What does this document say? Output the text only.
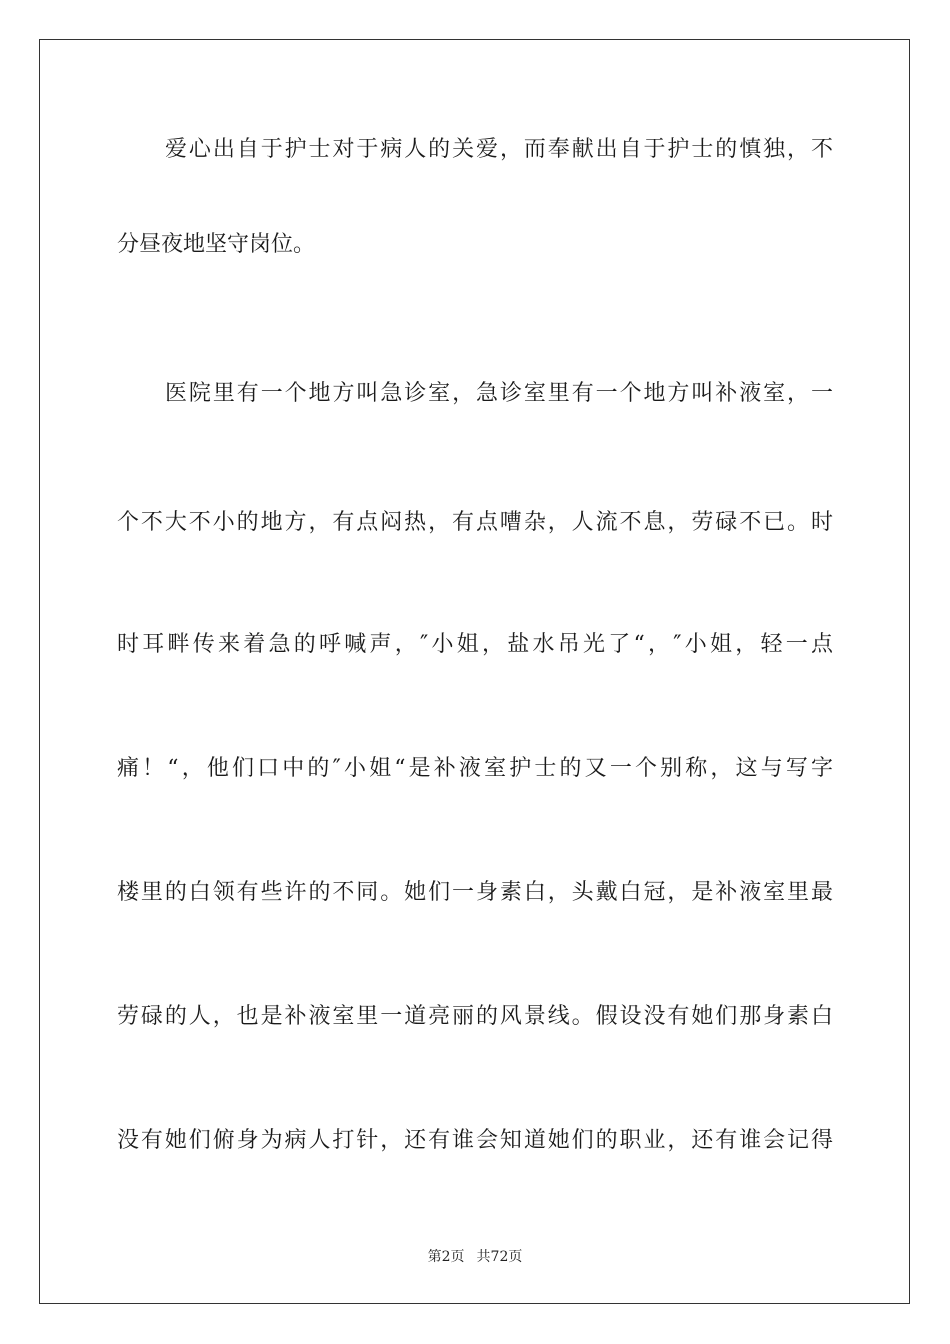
爱心出自于护士对于病人的关爱，而奉献出自于护士的慎独，不
分昼夜地坚守岗位。
医院里有一个地方叫急诊室，急诊室里有一个地方叫补液室，一
个不大不小的地方，有点闷热，有点嘈杂，人流不息，劳碌不已。时
时耳畔传来着急的呼喊声，″小姐，盐水吊光了“，″小姐，轻一点
痛！“，他们口中的″小姐“是补液室护士的又一个别称，这与写字
楼里的白领有些许的不同。她们一身素白，头戴白冠，是补液室里最
劳碌的人，也是补液室里一道亮丽的风景线。假设没有她们那身素白
没有她们俯身为病人打针，还有谁会知道她们的职业，还有谁会记得
第2页 共72页
